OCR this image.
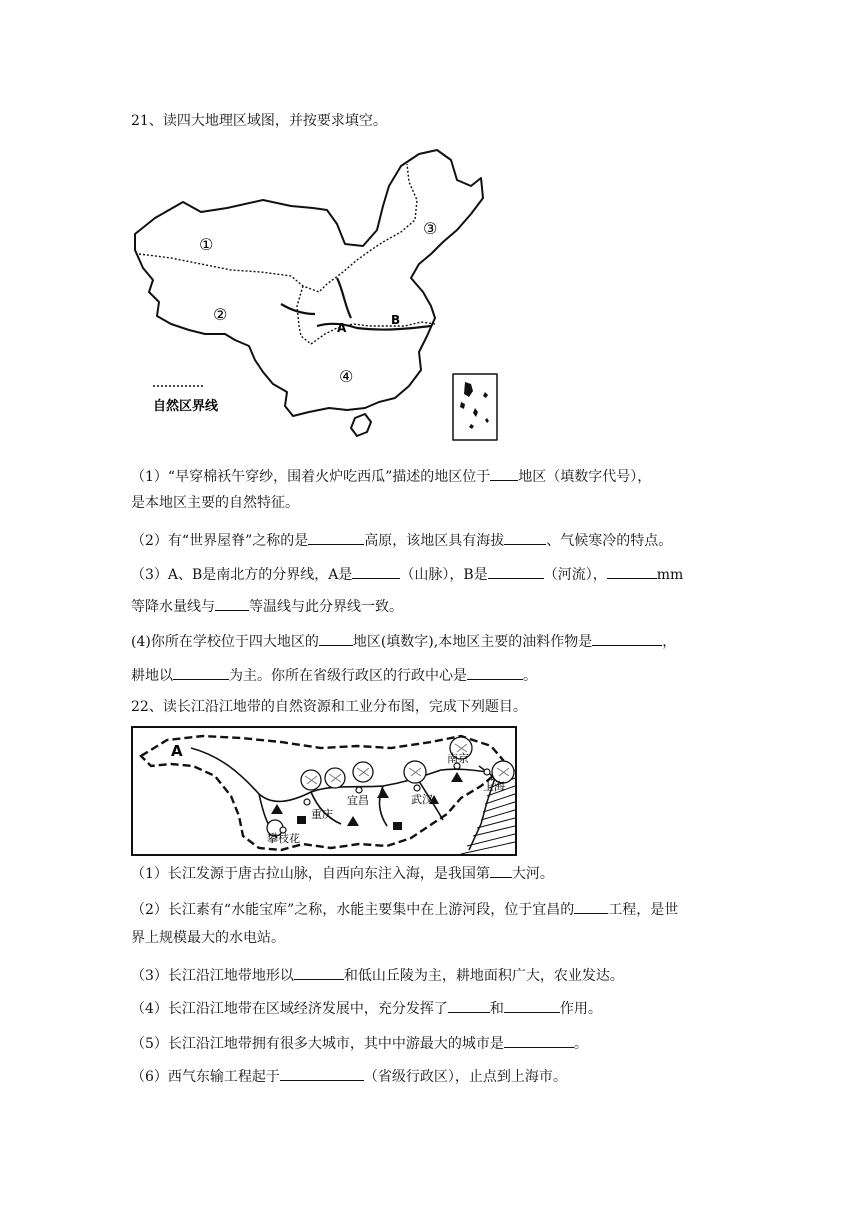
21、读四大地理区域图，并按要求填空。
自然区界线
①
②
③
④
A
B
（1）“早穿棉袄午穿纱，围着火炉吃西瓜”描述的地区位于 地区（填数字代号），
是本地区主要的自然特征。
（2）有“世界屋脊”之称的是	高原，该地区具有海拔	、气候寒冷的特点。
（3）A、B是南北方的分界线，A是	（山脉），B是	（河流），	mm
等降水量线与 等温线与此分界线一致。
(4)你所在学校位于四大地区的 地区(填数字),本地区主要的油料作物是	，
耕地以	为主。你所在省级行政区的行政中心是	。
22、读长江沿江地带的自然资源和工业分布图，完成下列题目。
A
攀枝花
重庆
宜昌	武汉
南京
上海
（1）长江发源于唐古拉山脉，自西向东注入海，是我国第 大河。
（2）长江素有“水能宝库”之称，水能主要集中在上游河段，位于宜昌的 工程，是世
界上规模最大的水电站。
（3）长江沿江地带地形以	和低山丘陵为主，耕地面积广大，农业发达。
（4）长江沿江地带在区域经济发展中，充分发挥了	和	作用。
（5）长江沿江地带拥有很多大城市，其中中游最大的城市是	。
（6）西气东输工程起于	（省级行政区），止点到上海市。
